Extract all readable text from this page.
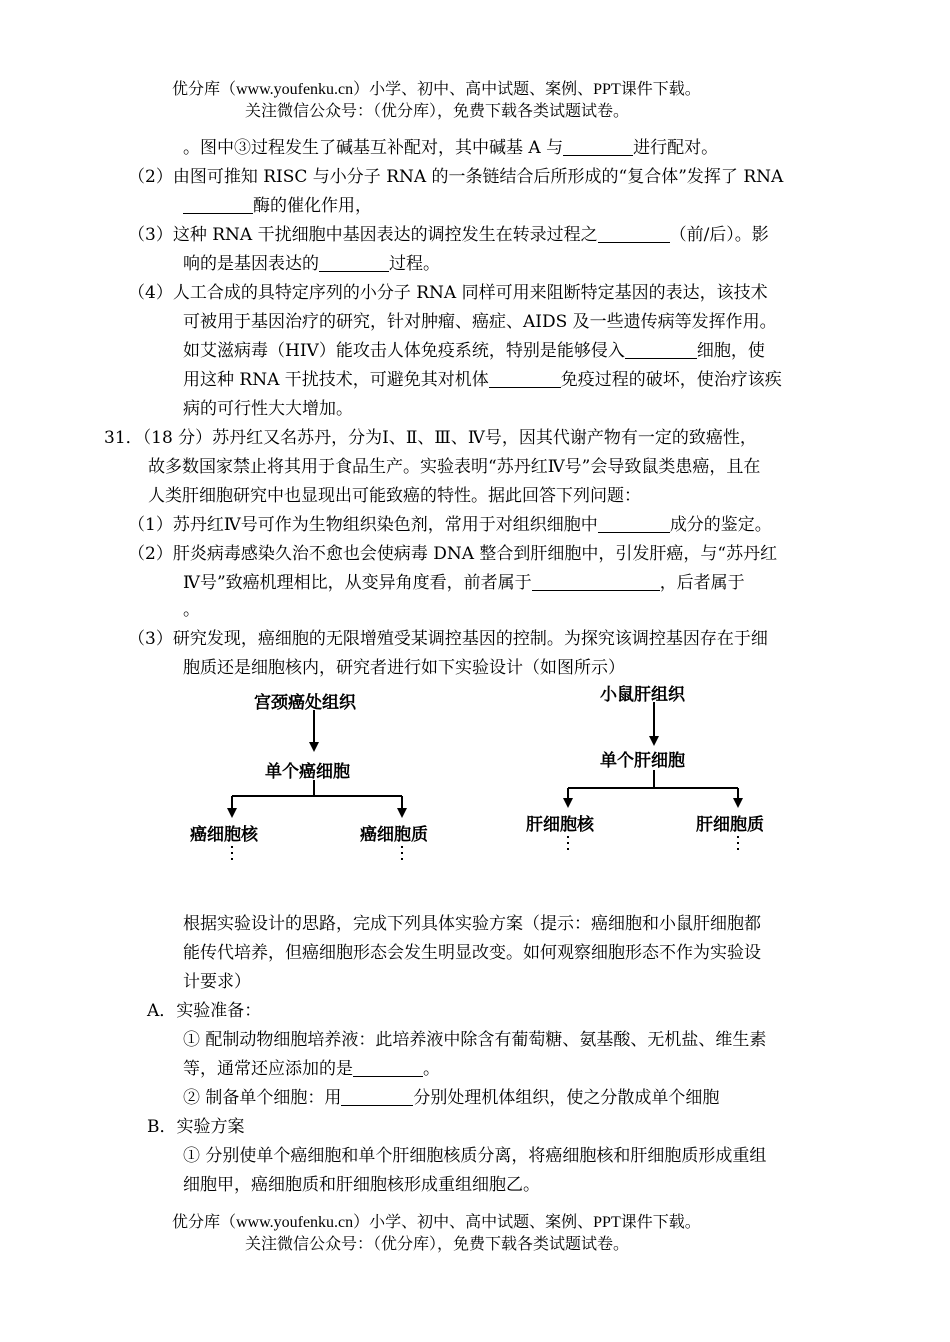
优分库（www.youfenku.cn）小学、初中、高中试题、案例、PPT课件下载。
关注微信公众号：（优分库），免费下载各类试题试卷。
。图中③过程发生了碱基互补配对，其中碱基 A 与	进行配对。
（2）由图可推知 RISC 与小分子 RNA 的一条链结合后所形成的“复合体”发挥了 RNA
酶的催化作用，
（3）这种 RNA 干扰细胞中基因表达的调控发生在转录过程之	（前/后）。影
响的是基因表达的	过程。
（4）人工合成的具特定序列的小分子 RNA 同样可用来阻断特定基因的表达，该技术
可被用于基因治疗的研究，针对肿瘤、癌症、AIDS 及一些遗传病等发挥作用。
如艾滋病毒（HIV）能攻击人体免疫系统，特别是能够侵入	细胞，使
用这种 RNA 干扰技术，可避免其对机体	免疫过程的破坏，使治疗该疾
病的可行性大大增加。
31．（18 分）苏丹红又名苏丹，分为Ⅰ、Ⅱ、Ⅲ、Ⅳ号，因其代谢产物有一定的致癌性，
故多数国家禁止将其用于食品生产。实验表明“苏丹红Ⅳ号”会导致鼠类患癌，且在
人类肝细胞研究中也显现出可能致癌的特性。据此回答下列问题：
（1）苏丹红Ⅳ号可作为生物组织染色剂，常用于对组织细胞中	成分的鉴定。
（2）肝炎病毒感染久治不愈也会使病毒 DNA 整合到肝细胞中，引发肝癌，与“苏丹红
Ⅳ号”致癌机理相比，从变异角度看，前者属于	，后者属于
。
（3）研究发现，癌细胞的无限增殖受某调控基因的控制。为探究该调控基因存在于细
胞质还是细胞核内，研究者进行如下实验设计（如图所示）
宫颈癌处组织
单个癌细胞
癌细胞核	癌细胞质
小鼠肝组织
单个肝细胞
肝细胞核	肝细胞质
根据实验设计的思路，完成下列具体实验方案（提示：癌细胞和小鼠肝细胞都
能传代培养，但癌细胞形态会发生明显改变。如何观察细胞形态不作为实验设
计要求）
A．实验准备：
① 配制动物细胞培养液：此培养液中除含有葡萄糖、氨基酸、无机盐、维生素
等，通常还应添加的是	。
② 制备单个细胞：用	分别处理机体组织，使之分散成单个细胞
B．实验方案
① 分别使单个癌细胞和单个肝细胞核质分离，将癌细胞核和肝细胞质形成重组
细胞甲，癌细胞质和肝细胞核形成重组细胞乙。
优分库（www.youfenku.cn）小学、初中、高中试题、案例、PPT课件下载。
关注微信公众号：（优分库），免费下载各类试题试卷。
